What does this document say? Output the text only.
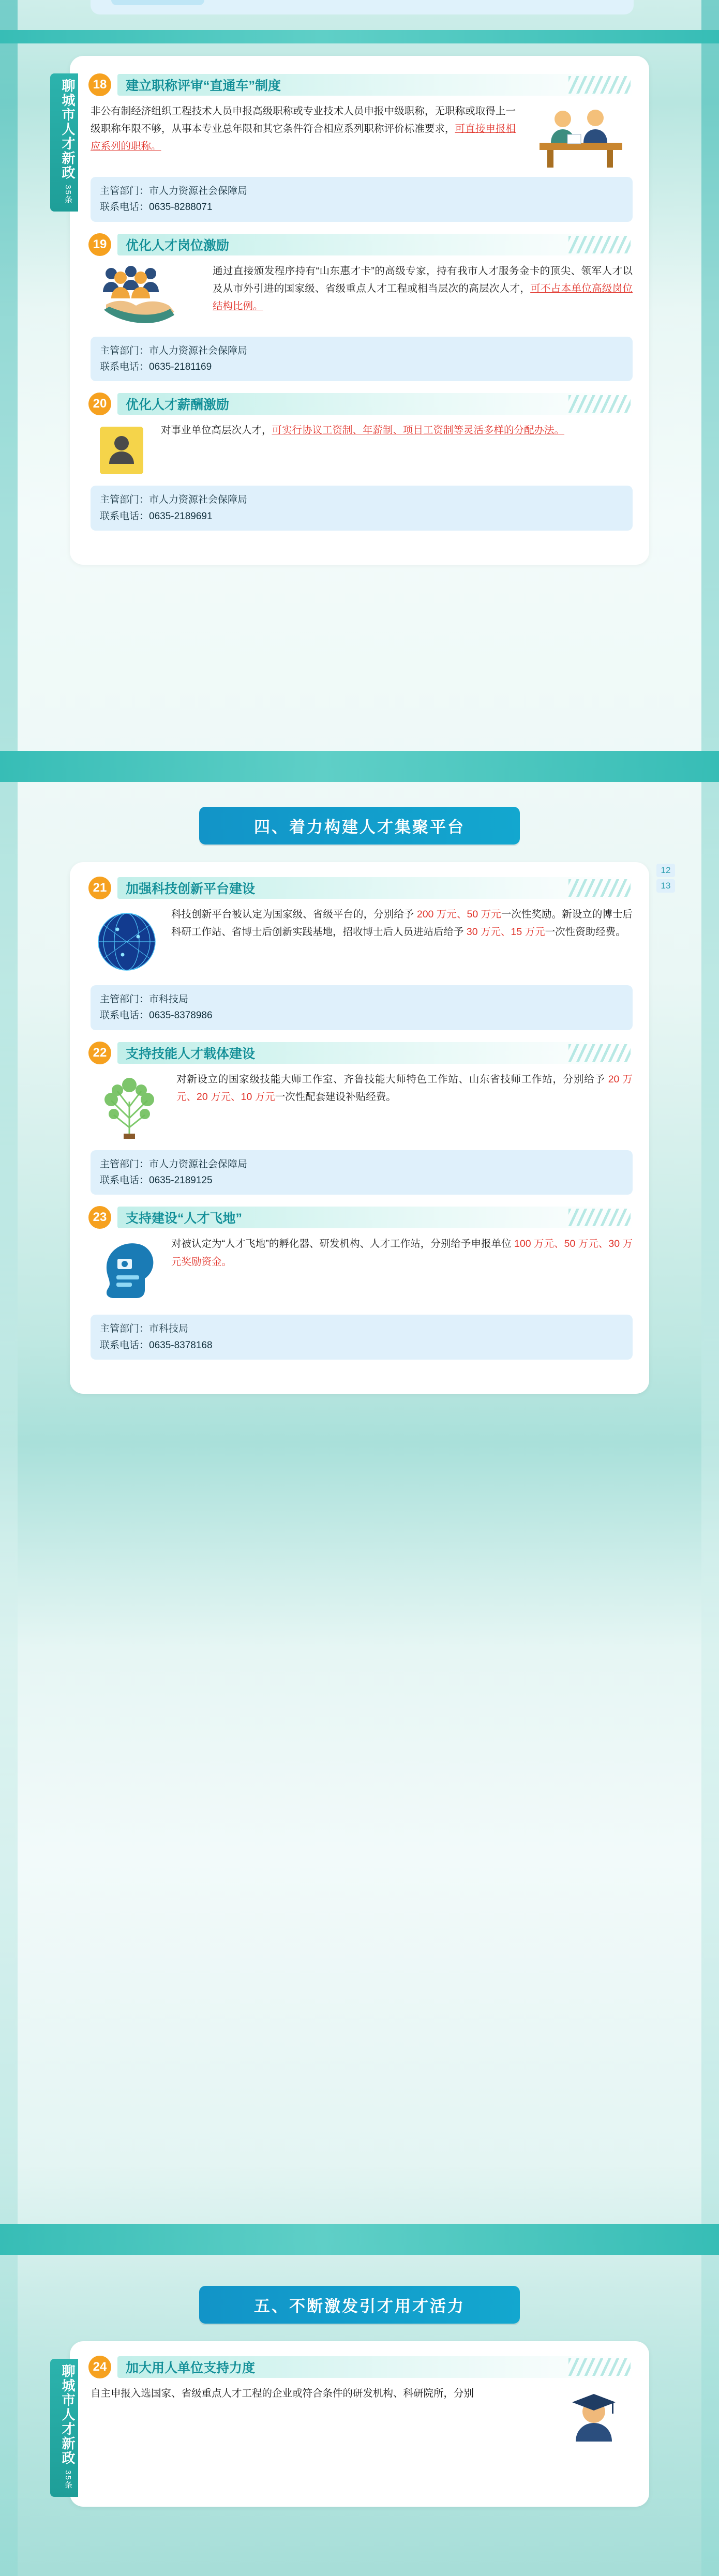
聊城市人才新政 35条
18	建立职称评审“直通车”制度

非公有制经济组织工程技术人员申报高级职称或专业技术人员申报中级职称，无职称或取得上一级职称年限不够，从事本专业总年限和其它条件符合相应系列职称评价标准要求，可直接申报相应系列的职称。

主管部门：市人力资源社会保障局
联系电话：0635-8288071
19	优化人才岗位激励

通过直接颁发程序持有“山东惠才卡”的高级专家，持有我市人才服务金卡的顶尖、领军人才以及从市外引进的国家级、省级重点人才工程或相当层次的高层次人才，可不占本单位高级岗位结构比例。

主管部门：市人力资源社会保障局
联系电话：0635-2181169
20	优化人才薪酬激励

对事业单位高层次人才，可实行协议工资制、年薪制、项目工资制等灵活多样的分配办法。

主管部门：市人力资源社会保障局
联系电话：0635-2189691
四、着力构建人才集聚平台
12
13
21	加强科技创新平台建设

科技创新平台被认定为国家级、省级平台的，分别给予 200 万元、50 万元一次性奖励。新设立的博士后科研工作站、省博士后创新实践基地，招收博士后人员进站后给予 30 万元、15 万元一次性资助经费。

主管部门：市科技局
联系电话：0635-8378986
22	支持技能人才载体建设

对新设立的国家级技能大师工作室、齐鲁技能大师特色工作站、山东省技师工作站，分别给予 20 万元、20 万元、10 万元一次性配套建设补贴经费。

主管部门：市人力资源社会保障局
联系电话：0635-2189125
23	支持建设“人才飞地”

对被认定为“人才飞地”的孵化器、研发机构、人才工作站，分别给予申报单位 100 万元、50 万元、30 万元奖励资金。

主管部门：市科技局
联系电话：0635-8378168
五、不断激发引才用才活力
聊城市人才新政 35条
24	加大用人单位支持力度

自主申报入选国家、省级重点人才工程的企业或符合条件的研发机构、科研院所，分别
